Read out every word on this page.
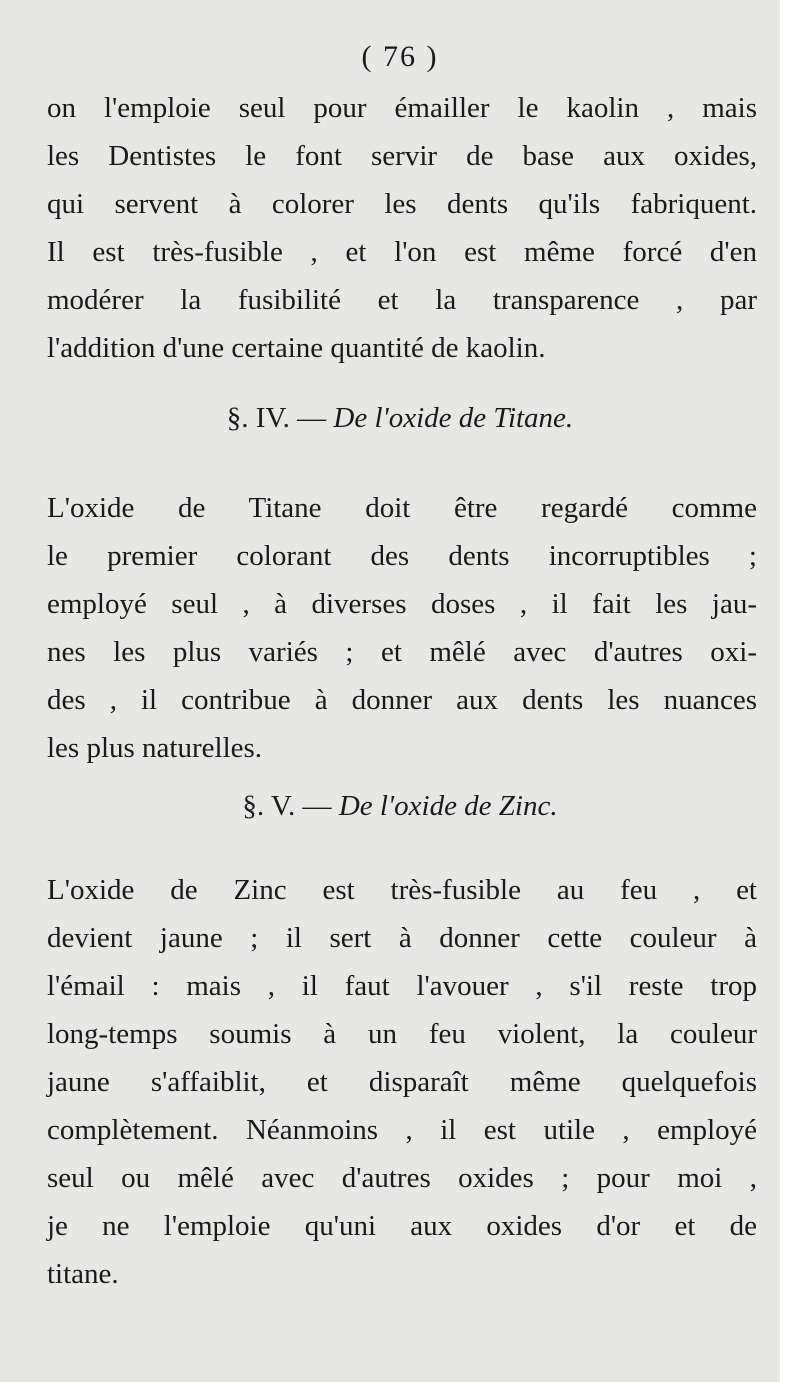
( 76 )
on l'emploie seul pour émailler le kaolin , mais
les Dentistes le font servir de base aux oxides,
qui servent à colorer les dents qu'ils fabriquent.
Il est très-fusible , et l'on est même forcé d'en
modérer la fusibilité et la transparence , par
l'addition d'une certaine quantité de kaolin.
§. IV. — De l'oxide de Titane.
L'oxide de Titane doit être regardé comme
le premier colorant des dents incorruptibles ;
employé seul , à diverses doses , il fait les jau-
nes les plus variés ; et mêlé avec d'autres oxi-
des , il contribue à donner aux dents les nuances
les plus naturelles.
§. V. — De l'oxide de Zinc.
L'oxide de Zinc est très-fusible au feu , et
devient jaune ; il sert à donner cette couleur à
l'émail : mais , il faut l'avouer , s'il reste trop
long-temps soumis à un feu violent, la couleur
jaune s'affaiblit, et disparaît même quelquefois
complètement. Néanmoins , il est utile , employé
seul ou mêlé avec d'autres oxides ; pour moi ,
je ne l'emploie qu'uni aux oxides d'or et de
titane.
